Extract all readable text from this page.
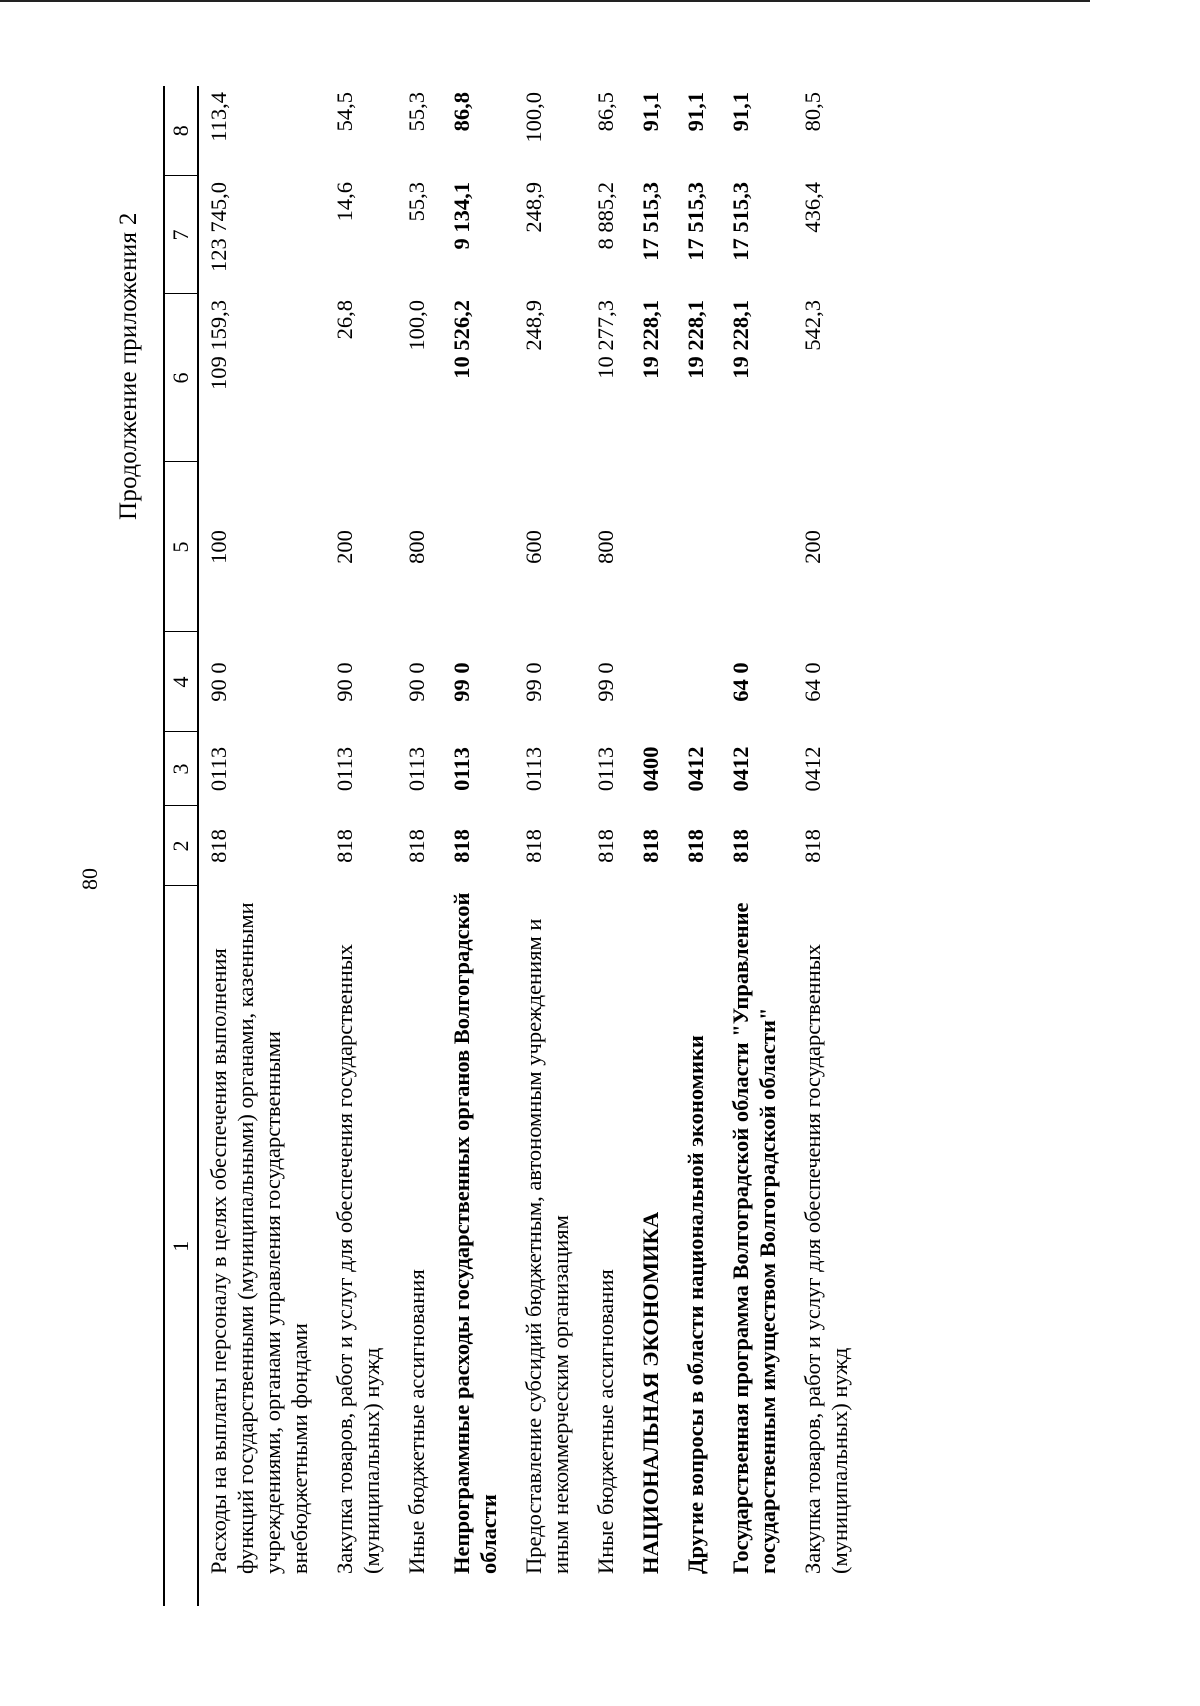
80
Продолжение приложения 2
1	2	3	4	5	6	7	8
Расходы на выплаты персоналу в целях обеспечения выполнения функций государственными (муниципальными) органами, казенными учреждениями, органами управления государственными внебюджетными фондами	818	0113	90 0	100	109 159,3	123 745,0	113,4
Закупка товаров, работ и услуг для обеспечения государственных (муниципальных) нужд	818	0113	90 0	200	26,8	14,6	54,5
Иные бюджетные ассигнования	818	0113	90 0	800	100,0	55,3	55,3
Непрограммные расходы государственных органов Волгоградской области	818	0113	99 0		10 526,2	9 134,1	86,8
Предоставление субсидий бюджетным, автономным учреждениям и иным некоммерческим организациям	818	0113	99 0	600	248,9	248,9	100,0
Иные бюджетные ассигнования	818	0113	99 0	800	10 277,3	8 885,2	86,5
НАЦИОНАЛЬНАЯ ЭКОНОМИКА	818	0400			19 228,1	17 515,3	91,1
Другие вопросы в области национальной экономики	818	0412			19 228,1	17 515,3	91,1
Государственная программа Волгоградской области "Управление государственным имуществом Волгоградской области"	818	0412	64 0		19 228,1	17 515,3	91,1
Закупка товаров, работ и услуг для обеспечения государственных (муниципальных) нужд	818	0412	64 0	200	542,3	436,4	80,5
